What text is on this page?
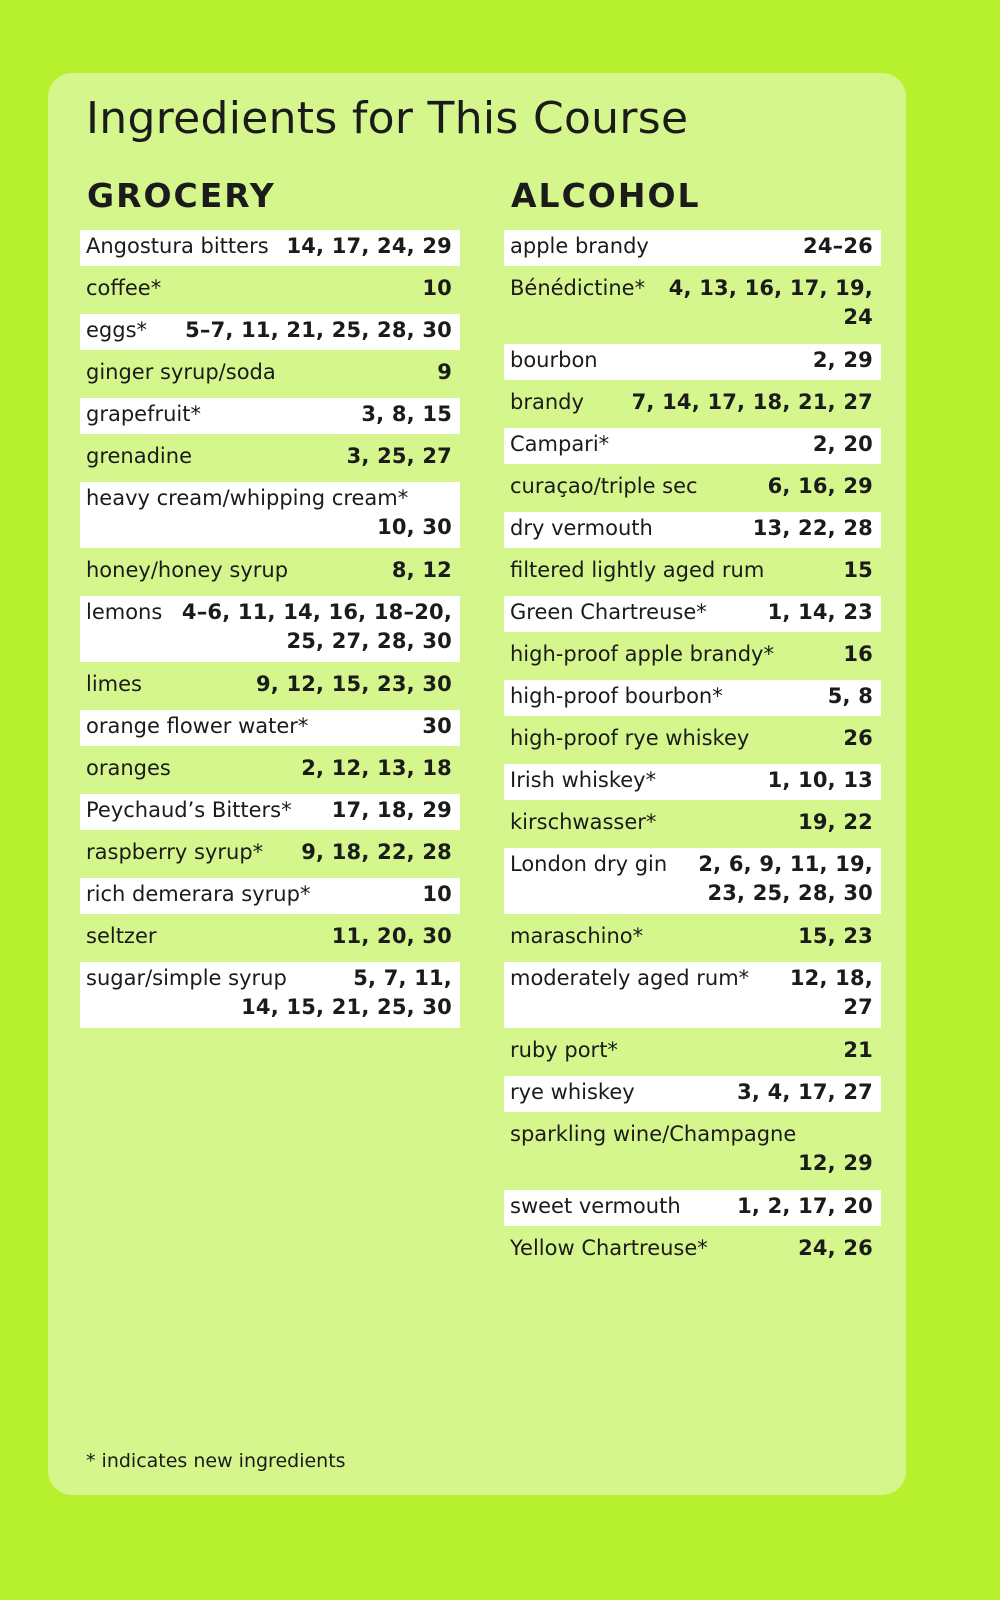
Ingredients for This Course
GROCERY
Angostura bitters 14, 17, 24, 29
coffee*	10
eggs* 5–7, 11, 21, 25, 28, 30
ginger syrup/soda	9
grapefruit*	3, 8, 15
grenadine	3, 25, 27
heavy cream/whipping cream*
10, 30
honey/honey syrup	8, 12
lemons 4–6, 11, 14, 16, 18–20,
25, 27, 28, 30
limes	9, 12, 15, 23, 30
orange flower water*	30
oranges	2, 12, 13, 18
Peychaud’s Bitters* 17, 18, 29
raspberry syrup* 9, 18, 22, 28
rich demerara syrup*	10
seltzer	11, 20, 30
sugar/simple syrup	5, 7, 11,
14, 15, 21, 25, 30
ALCOHOL
apple brandy	24–26
Bénédictine* 4, 13, 16, 17, 19,
24
bourbon	2, 29
brandy 7, 14, 17, 18, 21, 27
Campari*	2, 20
curaçao/triple sec	6, 16, 29
dry vermouth	13, 22, 28
filtered lightly aged rum	15
Green Chartreuse*	1, 14, 23
high-proof apple brandy*	16
high-proof bourbon*	5, 8
high-proof rye whiskey	26
Irish whiskey*	1, 10, 13
kirschwasser*	19, 22
London dry gin 2, 6, 9, 11, 19,
23, 25, 28, 30
maraschino*	15, 23
moderately aged rum* 12, 18,
27
ruby port*	21
rye whiskey	3, 4, 17, 27
sparkling wine/Champagne
12, 29
sweet vermouth	1, 2, 17, 20
Yellow Chartreuse*	24, 26
* indicates new ingredients
